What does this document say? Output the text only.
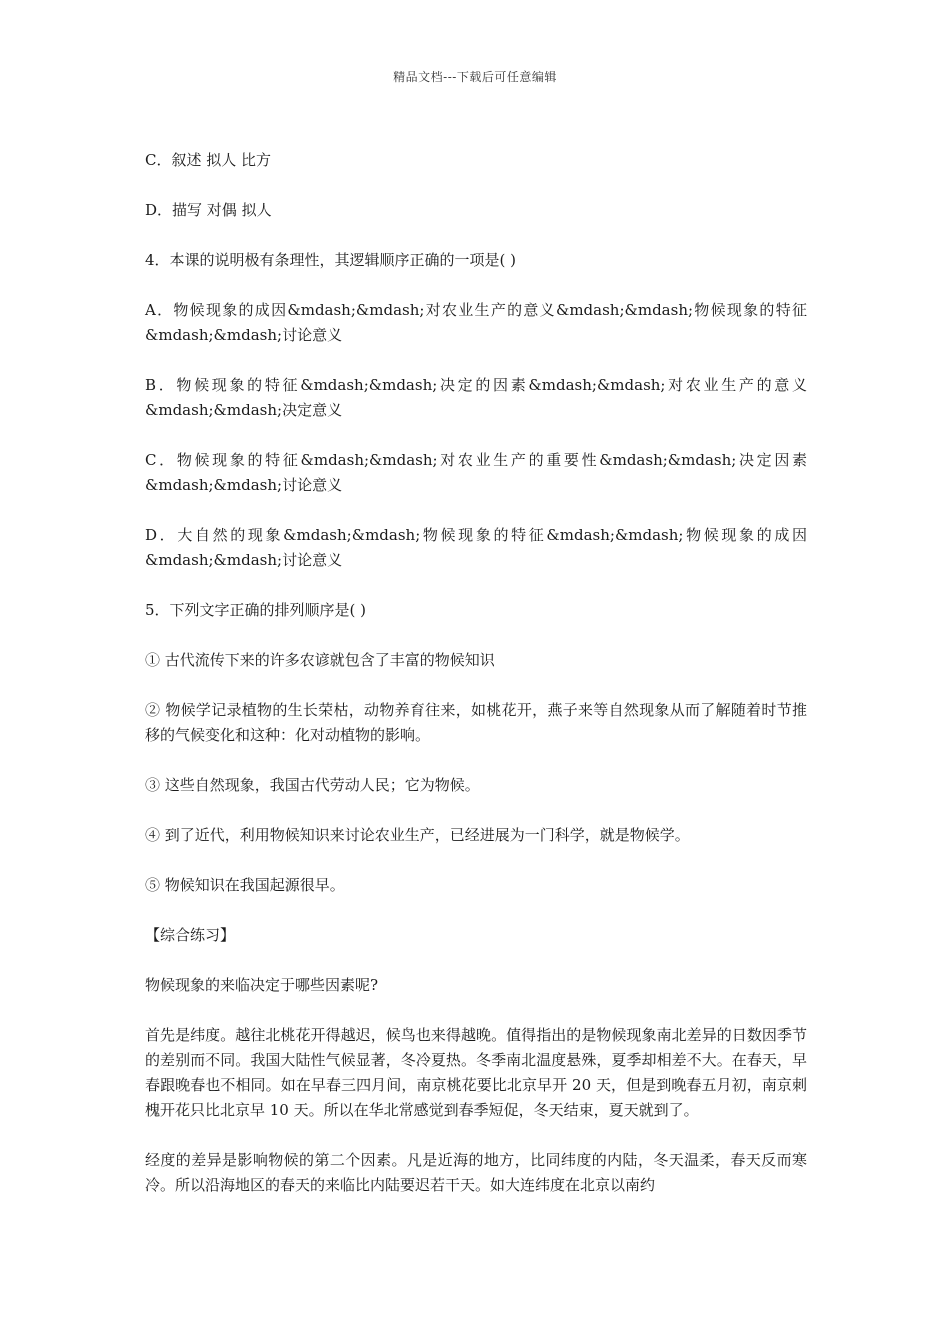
精品文档---下载后可任意编辑

C．叙述 拟人 比方

D．描写 对偶 拟人

4．本课的说明极有条理性，其逻辑顺序正确的一项是( )

A．物候现象的成因&mdash;&mdash;对农业生产的意义&mdash;&mdash;物候现象的特征&mdash;&mdash;讨论意义

B．物候现象的特征&mdash;&mdash;决定的因素&mdash;&mdash;对农业生产的意义&mdash;&mdash;决定意义

C．物候现象的特征&mdash;&mdash;对农业生产的重要性&mdash;&mdash;决定因素&mdash;&mdash;讨论意义

D．大自然的现象&mdash;&mdash;物候现象的特征&mdash;&mdash;物候现象的成因&mdash;&mdash;讨论意义

5．下列文字正确的排列顺序是( )

① 古代流传下来的许多农谚就包含了丰富的物候知识

② 物候学记录植物的生长荣枯，动物养育往来，如桃花开，燕子来等自然现象从而了解随着时节推移的气候变化和这种：化对动植物的影响。

③ 这些自然现象，我国古代劳动人民；它为物候。

④ 到了近代，利用物候知识来讨论农业生产，已经进展为一门科学，就是物候学。

⑤ 物候知识在我国起源很早。

【综合练习】

物候现象的来临决定于哪些因素呢?

首先是纬度。越往北桃花开得越迟，候鸟也来得越晚。值得指出的是物候现象南北差异的日数因季节的差别而不同。我国大陆性气候显著，冬冷夏热。冬季南北温度悬殊，夏季却相差不大。在春天，早春跟晚春也不相同。如在早春三四月间，南京桃花要比北京早开 20 天，但是到晚春五月初，南京刺槐开花只比北京早 10 天。所以在华北常感觉到春季短促，冬天结束，夏天就到了。

经度的差异是影响物候的第二个因素。凡是近海的地方，比同纬度的内陆，冬天温柔，春天反而寒冷。所以沿海地区的春天的来临比内陆要迟若干天。如大连纬度在北京以南约
